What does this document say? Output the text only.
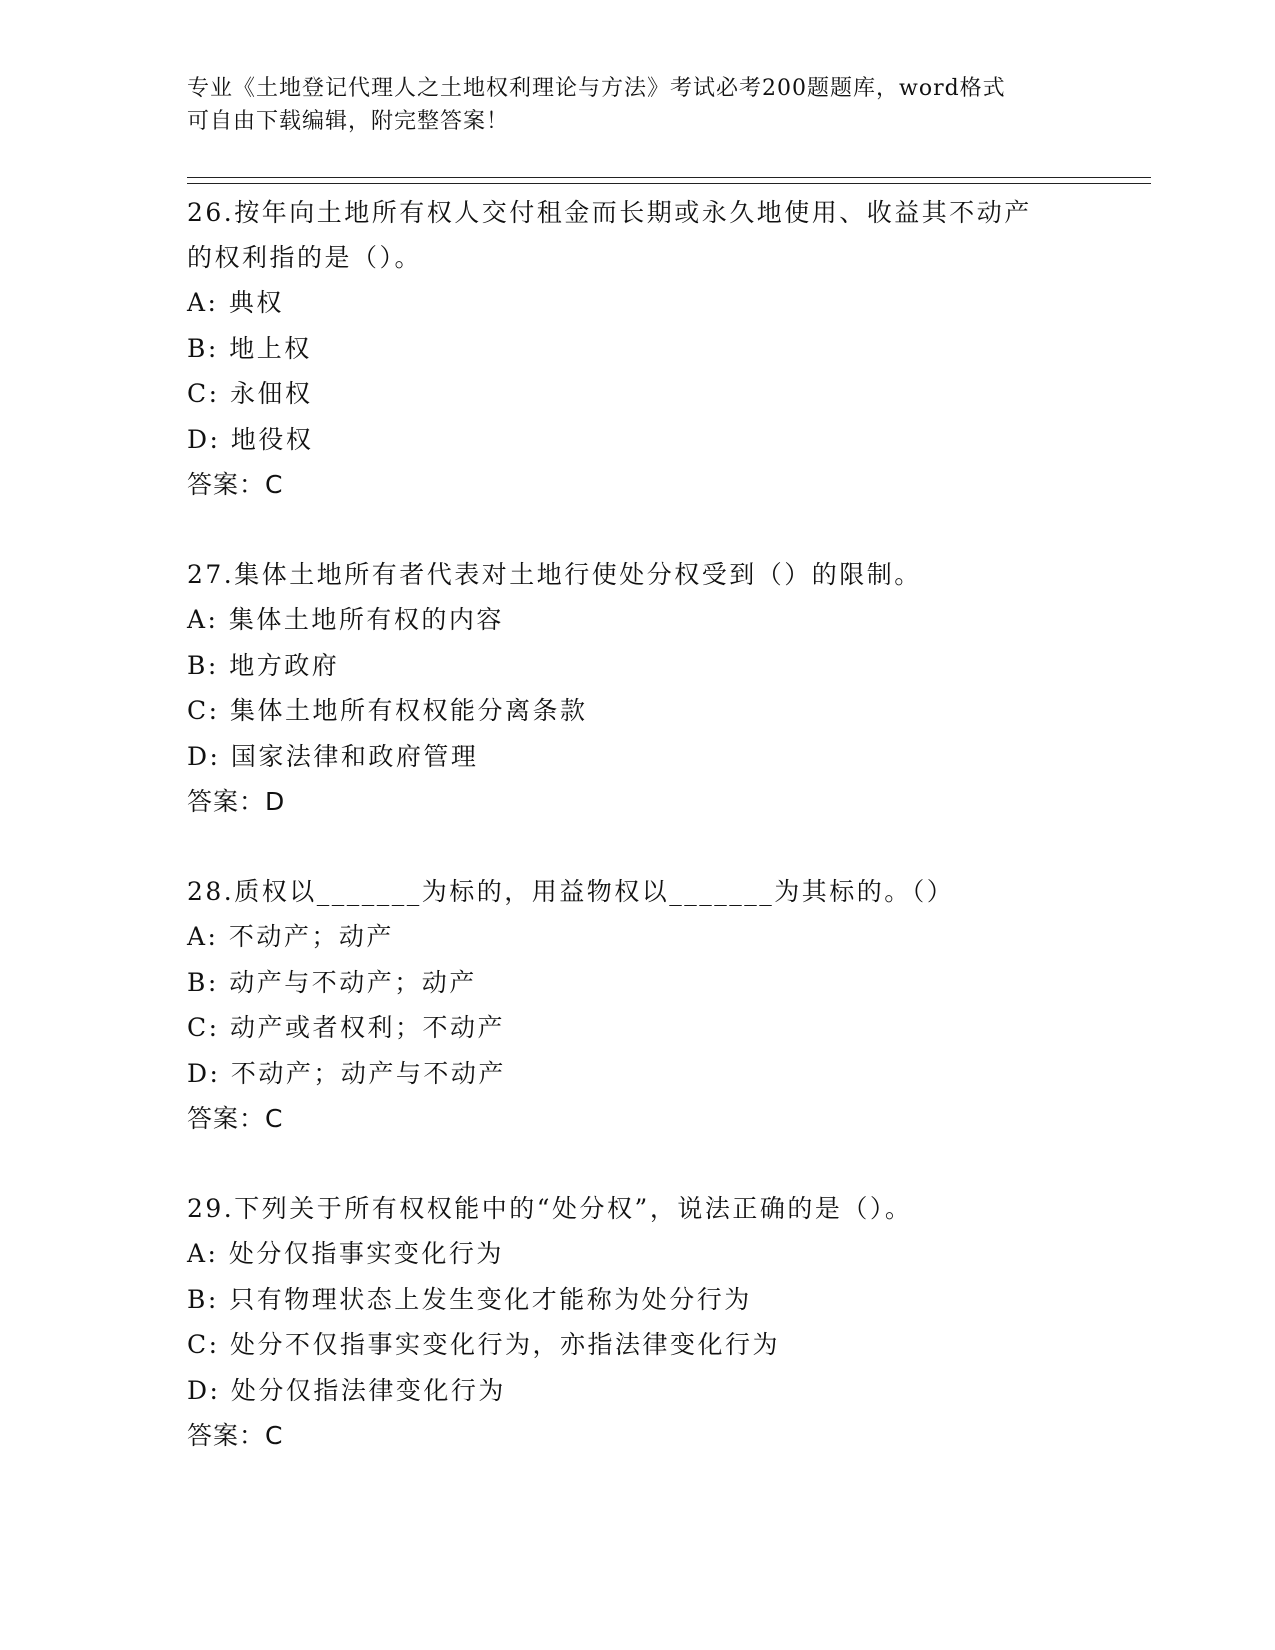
专业《土地登记代理人之土地权利理论与方法》考试必考200题题库，word格式
可自由下载编辑，附完整答案！

26.按年向土地所有权人交付租金而长期或永久地使用、收益其不动产

的权利指的是（）。

A: 典权

B: 地上权

C: 永佃权

D: 地役权

答案：C

27.集体土地所有者代表对土地行使处分权受到（）的限制。

A: 集体土地所有权的内容

B: 地方政府

C: 集体土地所有权权能分离条款

D: 国家法律和政府管理

答案：D

28.质权以_______为标的，用益物权以_______为其标的。（）

A: 不动产；动产

B: 动产与不动产；动产

C: 动产或者权利；不动产

D: 不动产；动产与不动产

答案：C

29.下列关于所有权权能中的“处分权”，说法正确的是（）。

A: 处分仅指事实变化行为

B: 只有物理状态上发生变化才能称为处分行为

C: 处分不仅指事实变化行为，亦指法律变化行为

D: 处分仅指法律变化行为

答案：C
